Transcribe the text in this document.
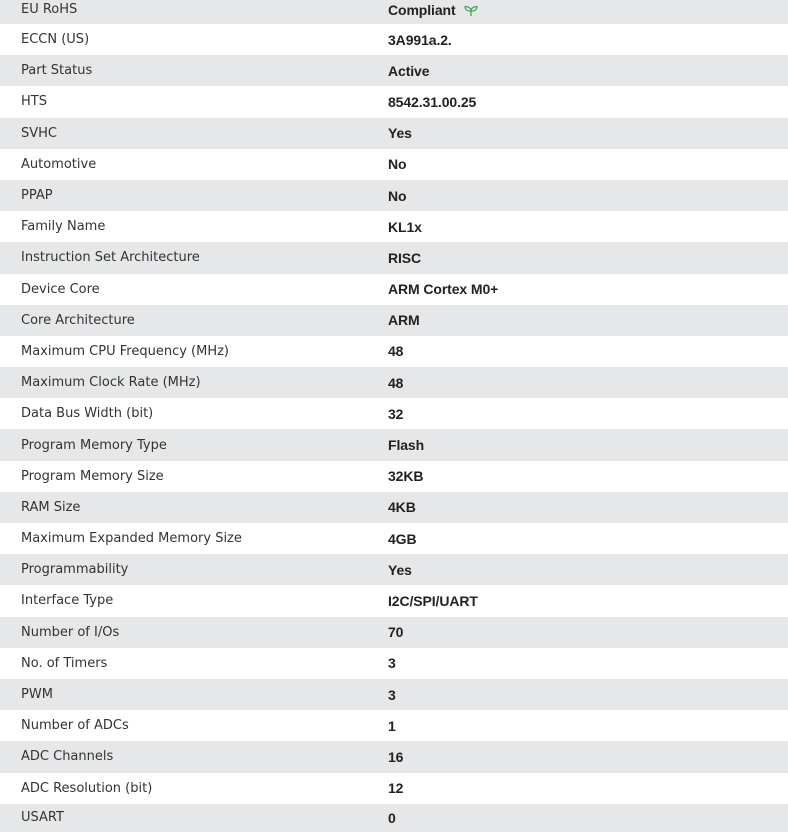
EU RoHS	Compliant
ECCN (US)	3A991a.2.
Part Status	Active
HTS	8542.31.00.25
SVHC	Yes
Automotive	No
PPAP	No
Family Name	KL1x
Instruction Set Architecture	RISC
Device Core	ARM Cortex M0+
Core Architecture	ARM
Maximum CPU Frequency (MHz)	48
Maximum Clock Rate (MHz)	48
Data Bus Width (bit)	32
Program Memory Type	Flash
Program Memory Size	32KB
RAM Size	4KB
Maximum Expanded Memory Size	4GB
Programmability	Yes
Interface Type	I2C/SPI/UART
Number of I/Os	70
No. of Timers	3
PWM	3
Number of ADCs	1
ADC Channels	16
ADC Resolution (bit)	12
USART	0
